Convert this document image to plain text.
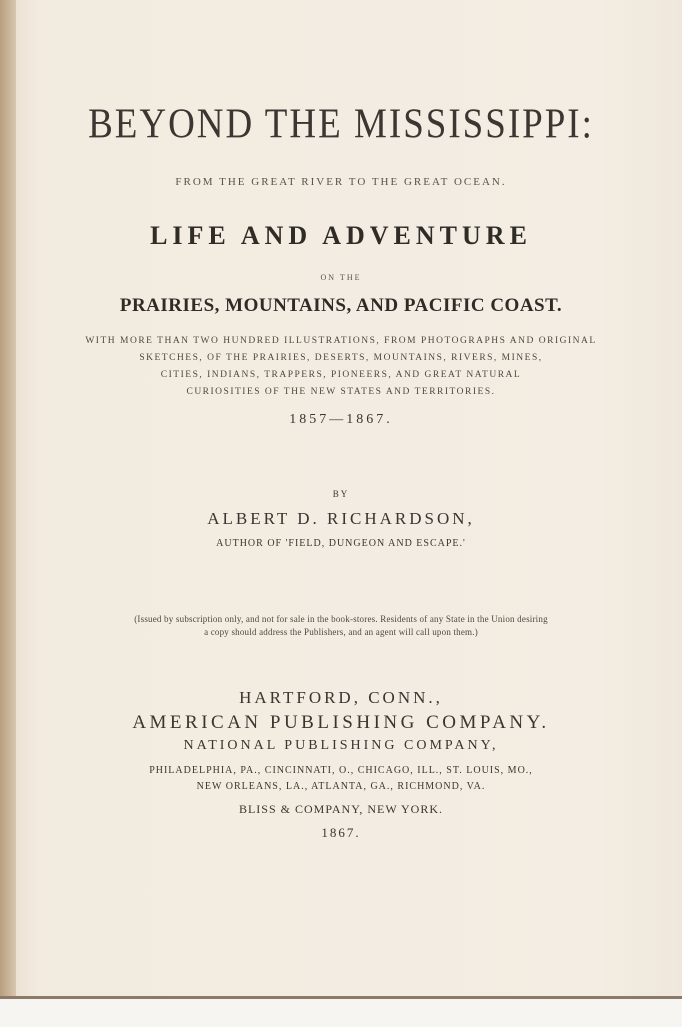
BEYOND THE MISSISSIPPI:
FROM THE GREAT RIVER TO THE GREAT OCEAN.
LIFE AND ADVENTURE
ON THE
PRAIRIES, MOUNTAINS, AND PACIFIC COAST.
WITH MORE THAN TWO HUNDRED ILLUSTRATIONS, FROM PHOTOGRAPHS AND ORIGINAL
SKETCHES, OF THE PRAIRIES, DESERTS, MOUNTAINS, RIVERS, MINES,
CITIES, INDIANS, TRAPPERS, PIONEERS, AND GREAT NATURAL
CURIOSITIES OF THE NEW STATES AND TERRITORIES.
1857—1867.
BY
ALBERT D. RICHARDSON,
AUTHOR OF 'FIELD, DUNGEON AND ESCAPE.'
(Issued by subscription only, and not for sale in the book-stores. Residents of any State in the Union desiring
a copy should address the Publishers, and an agent will call upon them.)
HARTFORD, CONN.,
AMERICAN PUBLISHING COMPANY.
NATIONAL PUBLISHING COMPANY,
PHILADELPHIA, PA., CINCINNATI, O., CHICAGO, ILL., ST. LOUIS, MO.,
NEW ORLEANS, LA., ATLANTA, GA., RICHMOND, VA.
BLISS & COMPANY, NEW YORK.
1867.
